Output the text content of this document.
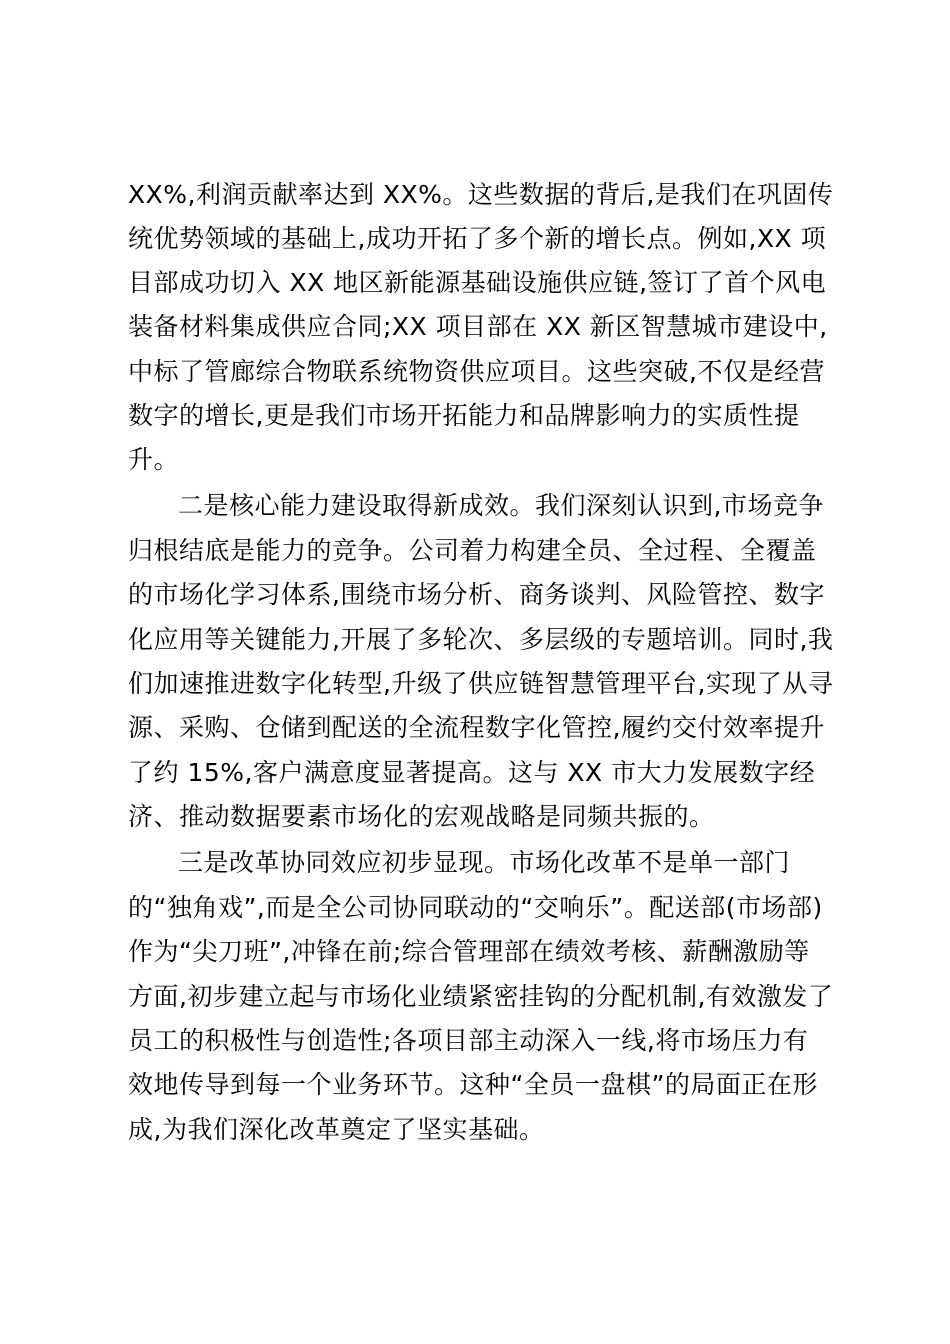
XX%,利润贡献率达到 XX%。这些数据的背后,是我们在巩固传
统优势领域的基础上,成功开拓了多个新的增长点。例如,XX 项
目部成功切入 XX 地区新能源基础设施供应链,签订了首个风电
装备材料集成供应合同;XX 项目部在 XX 新区智慧城市建设中,
中标了管廊综合物联系统物资供应项目。这些突破,不仅是经营
数字的增长,更是我们市场开拓能力和品牌影响力的实质性提
升。
二是核心能力建设取得新成效。我们深刻认识到,市场竞争
归根结底是能力的竞争。公司着力构建全员、全过程、全覆盖
的市场化学习体系,围绕市场分析、商务谈判、风险管控、数字
化应用等关键能力,开展了多轮次、多层级的专题培训。同时,我
们加速推进数字化转型,升级了供应链智慧管理平台,实现了从寻
源、采购、仓储到配送的全流程数字化管控,履约交付效率提升
了约 15%,客户满意度显著提高。这与 XX 市大力发展数字经
济、推动数据要素市场化的宏观战略是同频共振的。
三是改革协同效应初步显现。市场化改革不是单一部门
的“独角戏”,而是全公司协同联动的“交响乐”。配送部(市场部)
作为“尖刀班”,冲锋在前;综合管理部在绩效考核、薪酬激励等
方面,初步建立起与市场化业绩紧密挂钩的分配机制,有效激发了
员工的积极性与创造性;各项目部主动深入一线,将市场压力有
效地传导到每一个业务环节。这种“全员一盘棋”的局面正在形
成,为我们深化改革奠定了坚实基础。
